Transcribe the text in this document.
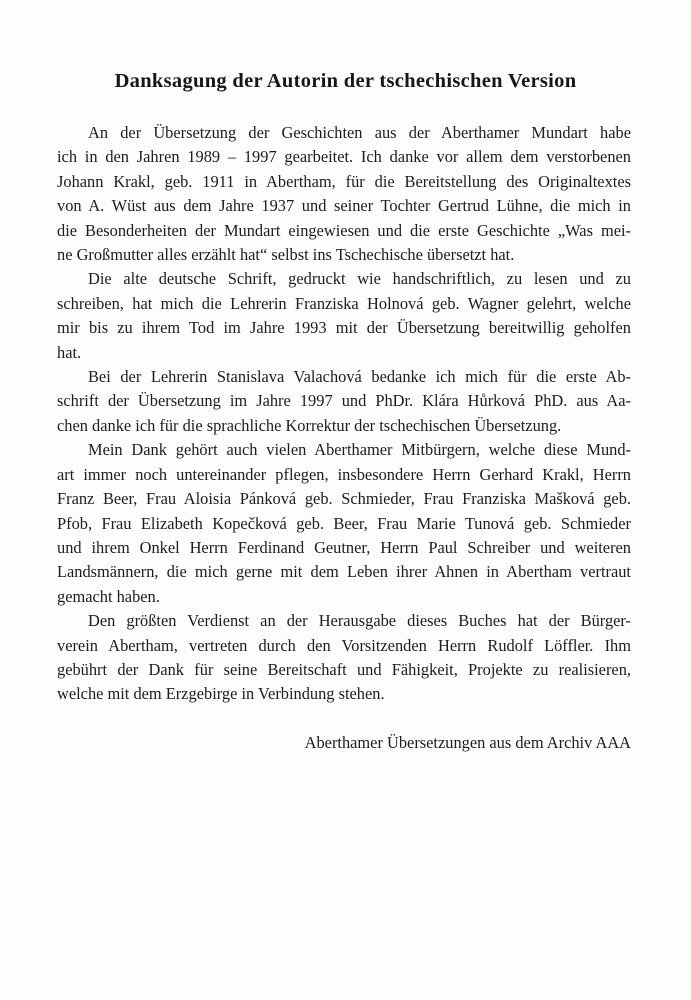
Danksagung der Autorin der tschechischen Version
An der Übersetzung der Geschichten aus der Aberthamer Mundart habe
ich in den Jahren 1989 – 1997 gearbeitet. Ich danke vor allem dem verstorbenen
Johann Krakl, geb. 1911 in Abertham, für die Bereitstellung des Originaltextes
von A. Wüst aus dem Jahre 1937 und seiner Tochter Gertrud Lühne, die mich in
die Besonderheiten der Mundart eingewiesen und die erste Geschichte „Was mei-
ne Großmutter alles erzählt hat“ selbst ins Tschechische übersetzt hat.
Die alte deutsche Schrift, gedruckt wie handschriftlich, zu lesen und zu
schreiben, hat mich die Lehrerin Franziska Holnová geb. Wagner gelehrt, welche
mir bis zu ihrem Tod im Jahre 1993 mit der Übersetzung bereitwillig geholfen
hat.
Bei der Lehrerin Stanislava Valachová bedanke ich mich für die erste Ab-
schrift der Übersetzung im Jahre 1997 und PhDr. Klára Hůrková PhD. aus Aa-
chen danke ich für die sprachliche Korrektur der tschechischen Übersetzung.
Mein Dank gehört auch vielen Aberthamer Mitbürgern, welche diese Mund-
art immer noch untereinander pflegen, insbesondere Herrn Gerhard Krakl, Herrn
Franz Beer, Frau Aloisia Pánková geb. Schmieder, Frau Franziska Mašková geb.
Pfob, Frau Elizabeth Kopečková geb. Beer, Frau Marie Tunová geb. Schmieder
und ihrem Onkel Herrn Ferdinand Geutner, Herrn Paul Schreiber und weiteren
Landsmännern, die mich gerne mit dem Leben ihrer Ahnen in Abertham vertraut
gemacht haben.
Den größten Verdienst an der Herausgabe dieses Buches hat der Bürger-
verein Abertham, vertreten durch den Vorsitzenden Herrn Rudolf Löffler. Ihm
gebührt der Dank für seine Bereitschaft und Fähigkeit, Projekte zu realisieren,
welche mit dem Erzgebirge in Verbindung stehen.
Aberthamer Übersetzungen aus dem Archiv AAA
